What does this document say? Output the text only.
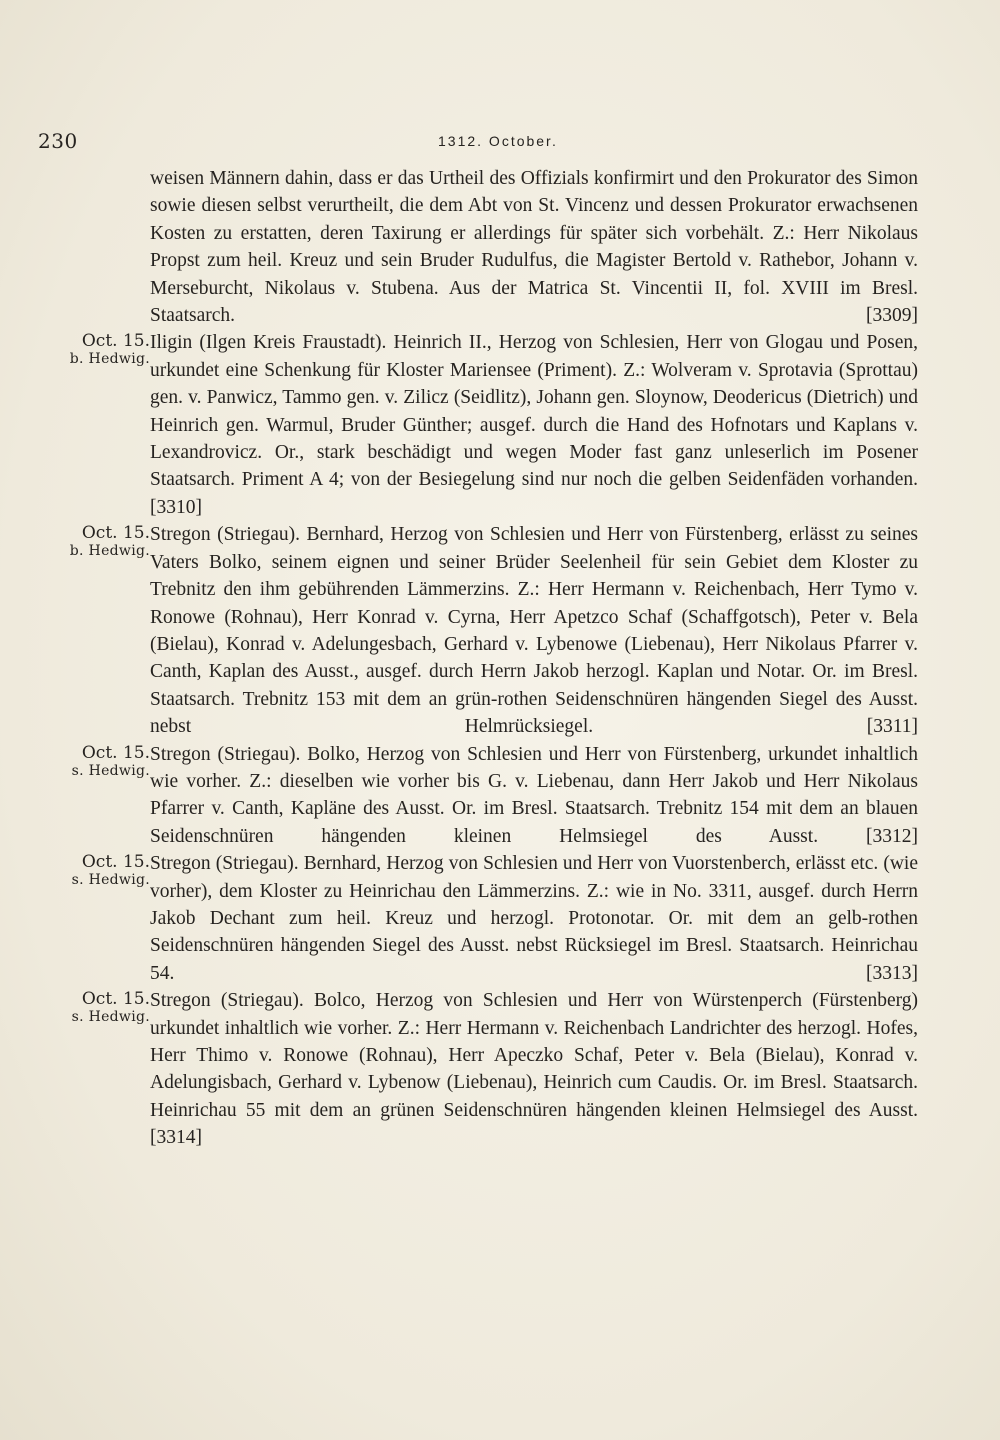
230	1312. October.
weisen Männern dahin, dass er das Urtheil des Offizials konfirmirt und den Prokurator des Simon sowie diesen selbst verurtheilt, die dem Abt von St. Vincenz und dessen Prokurator erwachsenen Kosten zu erstatten, deren Taxirung er allerdings für später sich vorbehält. Z.: Herr Nikolaus Propst zum heil. Kreuz und sein Bruder Rudulfus, die Magister Bertold v. Rathebor, Johann v. Merseburcht, Nikolaus v. Stubena. Aus der Matrica St. Vincentii II, fol. XVIII im Bresl. Staatsarch. [3309]
Oct. 15.
b. Hedwig.
Iligin (Ilgen Kreis Fraustadt). Heinrich II., Herzog von Schlesien, Herr von Glogau und Posen, urkundet eine Schenkung für Kloster Mariensee (Priment). Z.: Wolveram v. Sprotavia (Sprottau) gen. v. Panwicz, Tammo gen. v. Zilicz (Seidlitz), Johann gen. Sloynow, Deodericus (Dietrich) und Heinrich gen. Warmul, Bruder Günther; ausgef. durch die Hand des Hofnotars und Kaplans v. Lexandrovicz. Or., stark beschädigt und wegen Moder fast ganz unleserlich im Posener Staatsarch. Priment A 4; von der Besiegelung sind nur noch die gelben Seidenfäden vorhanden. [3310]
Oct. 15.
b. Hedwig.
Stregon (Striegau). Bernhard, Herzog von Schlesien und Herr von Fürstenberg, erlässt zu seines Vaters Bolko, seinem eignen und seiner Brüder Seelenheil für sein Gebiet dem Kloster zu Trebnitz den ihm gebührenden Lämmerzins. Z.: Herr Hermann v. Reichenbach, Herr Tymo v. Ronowe (Rohnau), Herr Konrad v. Cyrna, Herr Apetzco Schaf (Schaffgotsch), Peter v. Bela (Bielau), Konrad v. Adelungesbach, Gerhard v. Lybenowe (Liebenau), Herr Nikolaus Pfarrer v. Canth, Kaplan des Ausst., ausgef. durch Herrn Jakob herzogl. Kaplan und Notar. Or. im Bresl. Staatsarch. Trebnitz 153 mit dem an grün-rothen Seidenschnüren hängenden Siegel des Ausst. nebst Helmrücksiegel. [3311]
Oct. 15.
s. Hedwig.
Stregon (Striegau). Bolko, Herzog von Schlesien und Herr von Fürstenberg, urkundet inhaltlich wie vorher. Z.: dieselben wie vorher bis G. v. Liebenau, dann Herr Jakob und Herr Nikolaus Pfarrer v. Canth, Kapläne des Ausst. Or. im Bresl. Staatsarch. Trebnitz 154 mit dem an blauen Seidenschnüren hängenden kleinen Helmsiegel des Ausst. [3312]
Oct. 15.
s. Hedwig.
Stregon (Striegau). Bernhard, Herzog von Schlesien und Herr von Vuorstenberch, erlässt etc. (wie vorher), dem Kloster zu Heinrichau den Lämmerzins. Z.: wie in No. 3311, ausgef. durch Herrn Jakob Dechant zum heil. Kreuz und herzogl. Protonotar. Or. mit dem an gelb-rothen Seidenschnüren hängenden Siegel des Ausst. nebst Rücksiegel im Bresl. Staatsarch. Heinrichau 54. [3313]
Oct. 15.
s. Hedwig.
Stregon (Striegau). Bolco, Herzog von Schlesien und Herr von Würstenperch (Fürstenberg) urkundet inhaltlich wie vorher. Z.: Herr Hermann v. Reichenbach Landrichter des herzogl. Hofes, Herr Thimo v. Ronowe (Rohnau), Herr Apeczko Schaf, Peter v. Bela (Bielau), Konrad v. Adelungisbach, Gerhard v. Lybenow (Liebenau), Heinrich cum Caudis. Or. im Bresl. Staatsarch. Heinrichau 55 mit dem an grünen Seidenschnüren hängenden kleinen Helmsiegel des Ausst. [3314]
